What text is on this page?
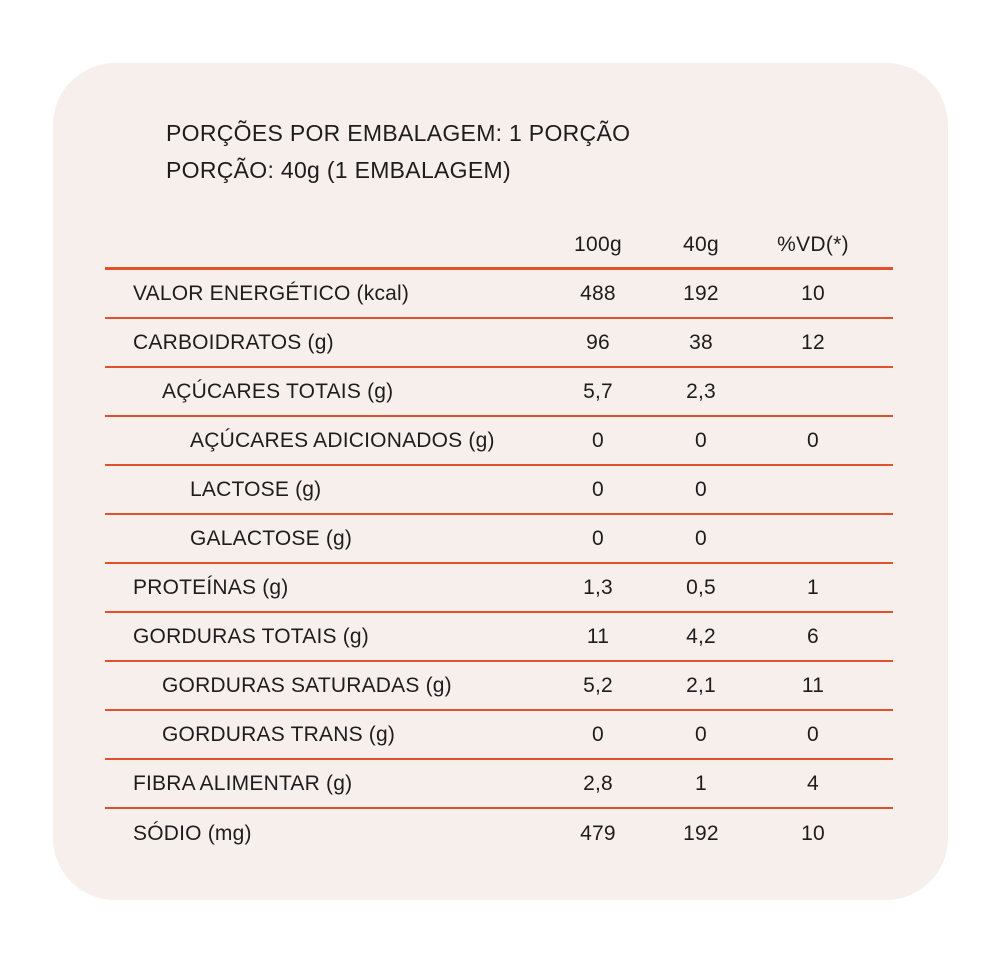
PORÇÕES POR EMBALAGEM: 1 PORÇÃO
PORÇÃO: 40g (1 EMBALAGEM)
100g	40g	%VD(*)
VALOR ENERGÉTICO (kcal)	488	192	10
CARBOIDRATOS (g)	96	38	12
AÇÚCARES TOTAIS (g)	5,7	2,3
AÇÚCARES ADICIONADOS (g)	0	0	0
LACTOSE (g)	0	0
GALACTOSE (g)	0	0
PROTEÍNAS (g)	1,3	0,5	1
GORDURAS TOTAIS (g)	11	4,2	6
GORDURAS SATURADAS (g)	5,2	2,1	11
GORDURAS TRANS (g)	0	0	0
FIBRA ALIMENTAR (g)	2,8	1	4
SÓDIO (mg)	479	192	10
